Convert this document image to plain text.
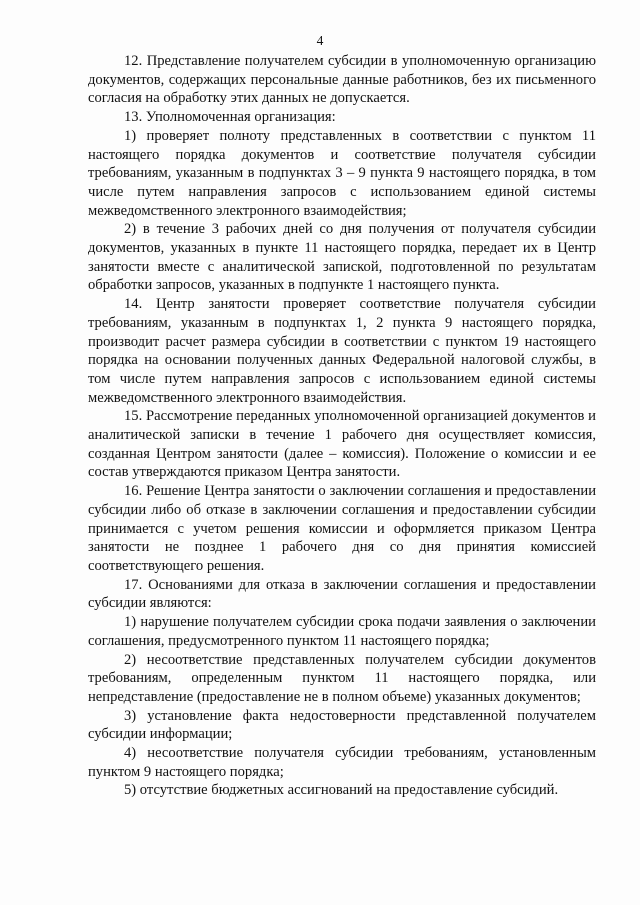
4

12. Представление получателем субсидии в уполномоченную организацию документов, содержащих персональные данные работников, без их письменного согласия на обработку этих данных не допускается.

13. Уполномоченная организация:

1) проверяет полноту представленных в соответствии с пунктом 11 настоящего порядка документов и соответствие получателя субсидии требованиям, указанным в подпунктах 3 – 9 пункта 9 настоящего порядка, в том числе путем направления запросов с использованием единой системы межведомственного электронного взаимодействия;

2) в течение 3 рабочих дней со дня получения от получателя субсидии документов, указанных в пункте 11 настоящего порядка, передает их в Центр занятости вместе с аналитической запиской, подготовленной по результатам обработки запросов, указанных в подпункте 1 настоящего пункта.

14. Центр занятости проверяет соответствие получателя субсидии требованиям, указанным в подпунктах 1, 2 пункта 9 настоящего порядка, производит расчет размера субсидии в соответствии с пунктом 19 настоящего порядка на основании полученных данных Федеральной налоговой службы, в том числе путем направления запросов с использованием единой системы межведомственного электронного взаимодействия.

15. Рассмотрение переданных уполномоченной организацией документов и аналитической записки в течение 1 рабочего дня осуществляет комиссия, созданная Центром занятости (далее – комиссия). Положение о комиссии и ее состав утверждаются приказом Центра занятости.

16. Решение Центра занятости о заключении соглашения и предоставлении субсидии либо об отказе в заключении соглашения и предоставлении субсидии принимается с учетом решения комиссии и оформляется приказом Центра занятости не позднее 1 рабочего дня со дня принятия комиссией соответствующего решения.

17. Основаниями для отказа в заключении соглашения и предоставлении субсидии являются:

1) нарушение получателем субсидии срока подачи заявления о заключении соглашения, предусмотренного пунктом 11 настоящего порядка;

2) несоответствие представленных получателем субсидии документов требованиям, определенным пунктом 11 настоящего порядка, или непредставление (предоставление не в полном объеме) указанных документов;

3) установление факта недостоверности представленной получателем субсидии информации;

4) несоответствие получателя субсидии требованиям, установленным пунктом 9 настоящего порядка;

5) отсутствие бюджетных ассигнований на предоставление субсидий.
